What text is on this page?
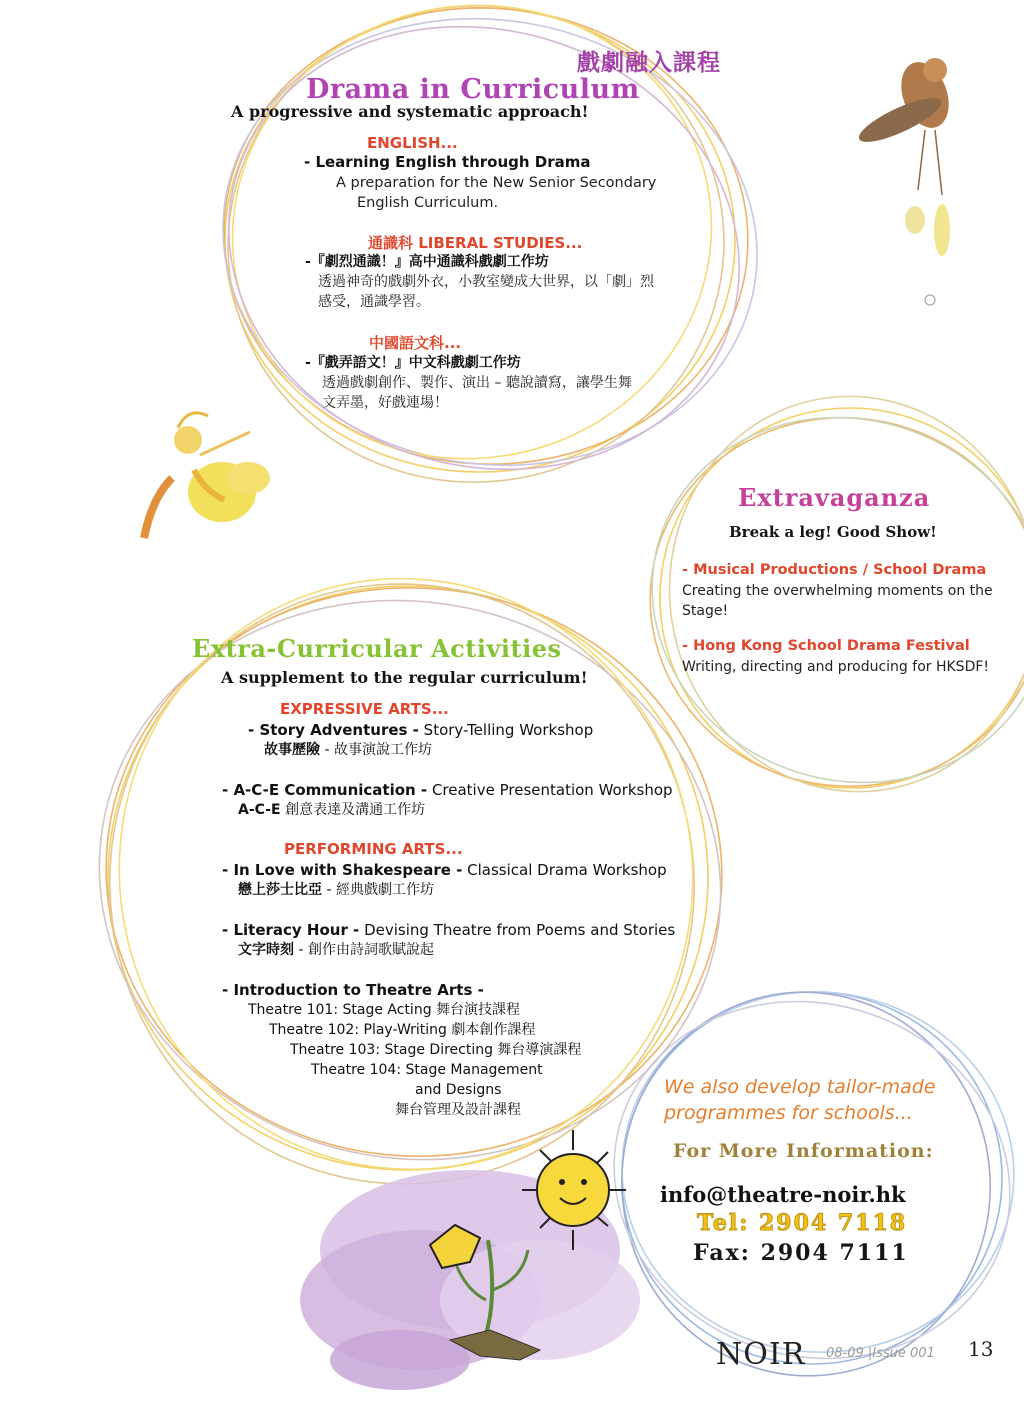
戲劇融入課程
Drama in Curriculum
A progressive and systematic approach!
ENGLISH...
- Learning English through Drama
A preparation for the New Senior Secondary
English Curriculum.
通識科 LIBERAL STUDIES...
-『劇烈通識！』高中通識科戲劇工作坊
透過神奇的戲劇外衣，小教室變成大世界，以「劇」烈
感受，通識學習。
中國語文科...
-『戲弄語文！』中文科戲劇工作坊
透過戲劇創作、製作、演出 – 聽說讀寫，讓學生舞
文弄墨，好戲連場！
Extravaganza
Break a leg! Good Show!
- Musical Productions / School Drama
Creating the overwhelming moments on the
Stage!
- Hong Kong School Drama Festival
Writing, directing and producing for HKSDF!
Extra-Curricular Activities
A supplement to the regular curriculum!
EXPRESSIVE ARTS...
- Story Adventures - Story-Telling Workshop
故事歷險 - 故事演說工作坊
- A-C-E Communication - Creative Presentation Workshop
A-C-E 創意表達及溝通工作坊
PERFORMING ARTS...
- In Love with Shakespeare - Classical Drama Workshop
戀上莎士比亞 - 經典戲劇工作坊
- Literacy Hour - Devising Theatre from Poems and Stories
文字時刻 - 創作由詩詞歌賦說起
- Introduction to Theatre Arts -
Theatre 101: Stage Acting 舞台演技課程
Theatre 102: Play-Writing 劇本創作課程
Theatre 103: Stage Directing 舞台導演課程
Theatre 104: Stage Management
and Designs
舞台管理及設計課程
We also develop tailor-made
programmes for schools...
For More Information:
info@theatre-noir.hk
Tel: 2904 7118
Fax: 2904 7111
NOIR 08-09 |Issue 001 13
